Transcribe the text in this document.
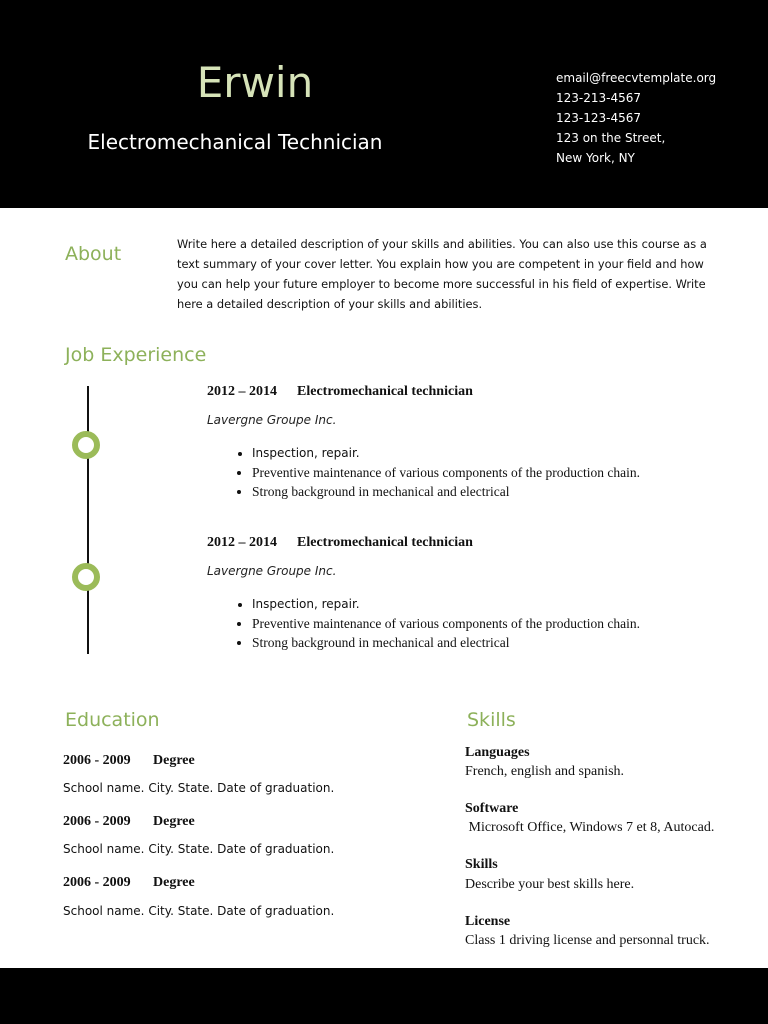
Erwin
Electromechanical Technician
email@freecvtemplate.org
123-213-4567
123-123-4567
123 on the Street,
New York, NY
About	Write here a detailed description of your skills and abilities. You can also use this course as a text summary of your cover letter. You explain how you are competent in your field and how you can help your future employer to become more successful in his field of expertise. Write here a detailed description of your skills and abilities.
Job Experience
2012 – 2014 Electromechanical technician
Lavergne Groupe Inc.
• Inspection, repair.
• Preventive maintenance of various components of the production chain.
• Strong background in mechanical and electrical
2012 – 2014 Electromechanical technician
Lavergne Groupe Inc.
• Inspection, repair.
• Preventive maintenance of various components of the production chain.
• Strong background in mechanical and electrical
Education
2006 - 2009 Degree
School name. City. State. Date of graduation.
2006 - 2009 Degree
School name. City. State. Date of graduation.
2006 - 2009 Degree
School name. City. State. Date of graduation.
Skills
Languages
French, english and spanish.
Software
Microsoft Office, Windows 7 et 8, Autocad.
Skills
Describe your best skills here.
License
Class 1 driving license and personnal truck.
